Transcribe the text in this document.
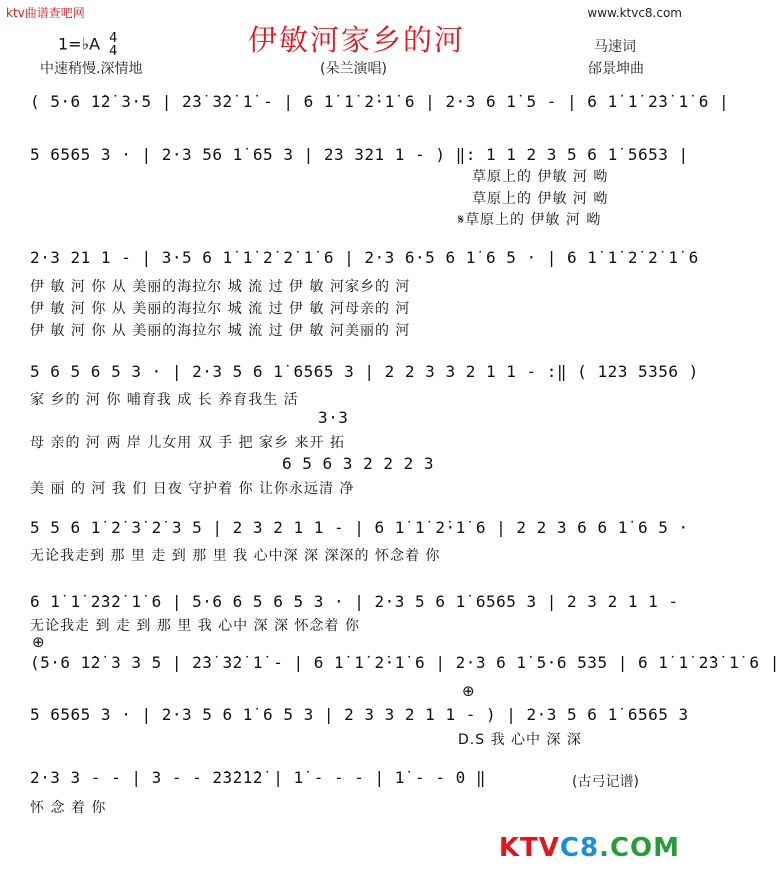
ktv曲谱查吧网	www.ktvc8.com
伊敏河家乡的河
1=♭A 4
4
中速稍慢.深情地	(朵兰演唱)
马速词
邰景坤曲
( 5·6 1̇2̇ 3·5 | 2̇3̇ 3̇2̇ 1̇ - | 6 1̇ 1̇ 2̇·1̇ 6 | 2·3 6 1̇ 5 - | 6 1̇ 1̇ 2̇3̇ 1̇ 6 |
5 6565 3 · | 2·3 56 1̇ 65 3 | 23 321 1 - ) ‖: 1 1 2 3 5 6 1̇ 5653 |
草原上的 伊敏 河 呦
草原上的 伊敏 河 呦
𝄋草原上的 伊敏 河 呦
2·3 21 1 - | 3·5 6 1̇ 1̇ 2̇ 2̇ 1̇ 6 | 2·3 6·5 6 1̇ 6 5 · | 6 1̇ 1̇ 2̇ 2̇ 1̇ 6
伊 敏 河 你 从 美丽的海拉尔 城 流 过 伊 敏 河家乡的 河
伊 敏 河 你 从 美丽的海拉尔 城 流 过 伊 敏 河母亲的 河
伊 敏 河 你 从 美丽的海拉尔 城 流 过 伊 敏 河美丽的 河
5 6 5 6 5 3 · | 2·3 5 6 1̇ 6565 3 | 2 2 3 3 2 1 1 - :‖ ( 123 5356 )
家 乡的 河 你 哺育我 成 长 养育我生 活
3·3
母 亲的 河 两 岸 儿女用 双 手 把 家乡 来开 拓
6 5 6 3 2 2 2 3
美 丽 的 河 我 们 日夜 守护着 你 让你永远清 净
5 5 6 1̇ 2̇ 3̇ 2̇ 3 5 | 2 3 2 1 1 - | 6 1̇ 1̇ 2̇·1̇ 6 | 2 2 3 6 6 1̇ 6 5 ·
无论我走到 那 里 走 到 那 里 我 心中深 深 深深的 怀念着 你
6 1̇ 1̇ 2̇3̇2̇ 1̇ 6 | 5·6 6 5 6 5 3 · | 2·3 5 6 1̇ 6565 3 | 2 3 2 1 1 -
无论我走 到 走 到 那 里 我 心中 深 深 怀念着 你
⊕
(5·6 1̇2̇ 3 3 5 | 2̇3̇ 3̇2̇ 1̇ - | 6 1̇ 1̇ 2̇·1̇ 6 | 2·3 6 1̇ 5·6 535 | 6 1̇ 1̇ 2̇3̇ 1̇ 6 |
⊕
5 6565 3 · | 2·3 5 6 1̇ 6 5 3 | 2 3 3 2 1 1 - ) | 2·3 5 6 1̇ 6565 3
D.S 我 心中 深 深
2·3 3 - - | 3 - - 2̇3̇2̇1̇2̇ | 1̇ - - - | 1̇ - - 0 ‖
怀 念 着 你
(古弓记谱)
KTVC8.COM
